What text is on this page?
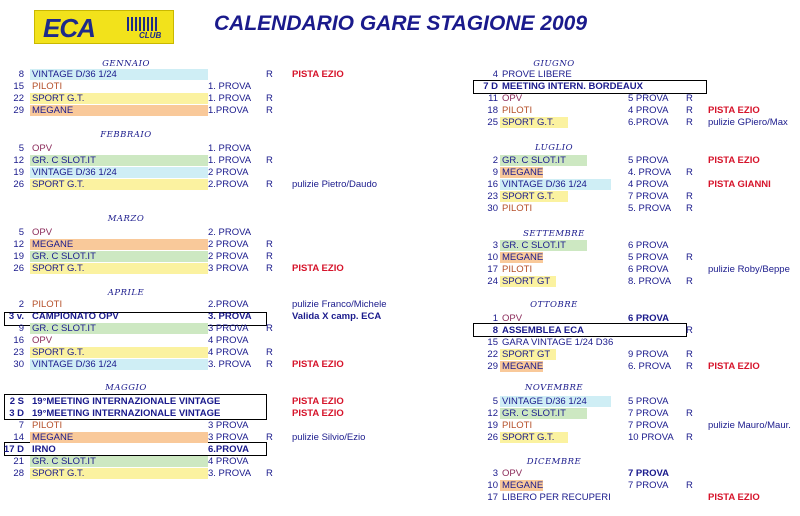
ECA	CLUB
CALENDARIO GARE STAGIONE 2009
GENNAIO
FEBBRAIO
MARZO
APRILE
MAGGIO
GIUGNO
LUGLIO
SETTEMBRE
OTTOBRE
NOVEMBRE
DICEMBRE
8 VINTAGE D/36 1/24	R	PISTA EZIO
15 PILOTI	1. PROVA
22 SPORT G.T.	1. PROVA	R
29 MEGANE	1.PROVA	R
5 OPV	1. PROVA
12 GR. C SLOT.IT	1. PROVA	R
19 VINTAGE D/36 1/24	2 PROVA
26 SPORT G.T.	2.PROVA	R	pulizie Pietro/Daudo
5 OPV	2. PROVA
12 MEGANE	2 PROVA	R
19 GR. C SLOT.IT	2 PROVA	R
26 SPORT G.T.	3 PROVA	R	PISTA EZIO
2 PILOTI	2.PROVA	pulizie Franco/Michele
3 v. CAMPIONATO OPV	3. PROVA	Valida X camp. ECA
9 GR. C SLOT.IT	3 PROVA	R
16 OPV	4 PROVA
23 SPORT G.T.	4 PROVA	R
30 VINTAGE D/36 1/24	3. PROVA	R	PISTA EZIO
2 S 19°MEETING INTERNAZIONALE VINTAGE	PISTA EZIO
3 D 19°MEETING INTERNAZIONALE VINTAGE	PISTA EZIO
7 PILOTI	3 PROVA
14 MEGANE	3 PROVA	R	pulizie Silvio/Ezio
17 D IRNO	6.PROVA
21 GR. C SLOT.IT	4 PROVA
28 SPORT G.T.	3. PROVA	R
4 PROVE LIBERE
7 D MEETING INTERN. BORDEAUX
11 OPV	5 PROVA	R
18 PILOTI	4 PROVA	R	PISTA EZIO
25 SPORT G.T.	6.PROVA	R	pulizie GPiero/Max
2 GR. C SLOT.IT	5 PROVA	PISTA EZIO
9 MEGANE	4. PROVA	R
16 VINTAGE D/36 1/24	4 PROVA	PISTA GIANNI
23 SPORT G.T.	7 PROVA	R
30 PILOTI	5. PROVA	R
3 GR. C SLOT.IT	6 PROVA
10 MEGANE	5 PROVA	R
17 PILOTI	6 PROVA	pulizie Roby/Beppe
24 SPORT GT	8. PROVA	R
1 OPV	6 PROVA
8 ASSEMBLEA ECA	R
15 GARA VINTAGE 1/24 D36
22 SPORT GT	9 PROVA	R
29 MEGANE	6. PROVA	R	PISTA EZIO
5 VINTAGE D/36 1/24	5 PROVA
12 GR. C SLOT.IT	7 PROVA	R
19 PILOTI	7 PROVA	pulizie Mauro/Maur.
26 SPORT G.T.	10 PROVA	R
3 OPV	7 PROVA
10 MEGANE	7 PROVA	R
17 LIBERO PER RECUPERI	PISTA EZIO
